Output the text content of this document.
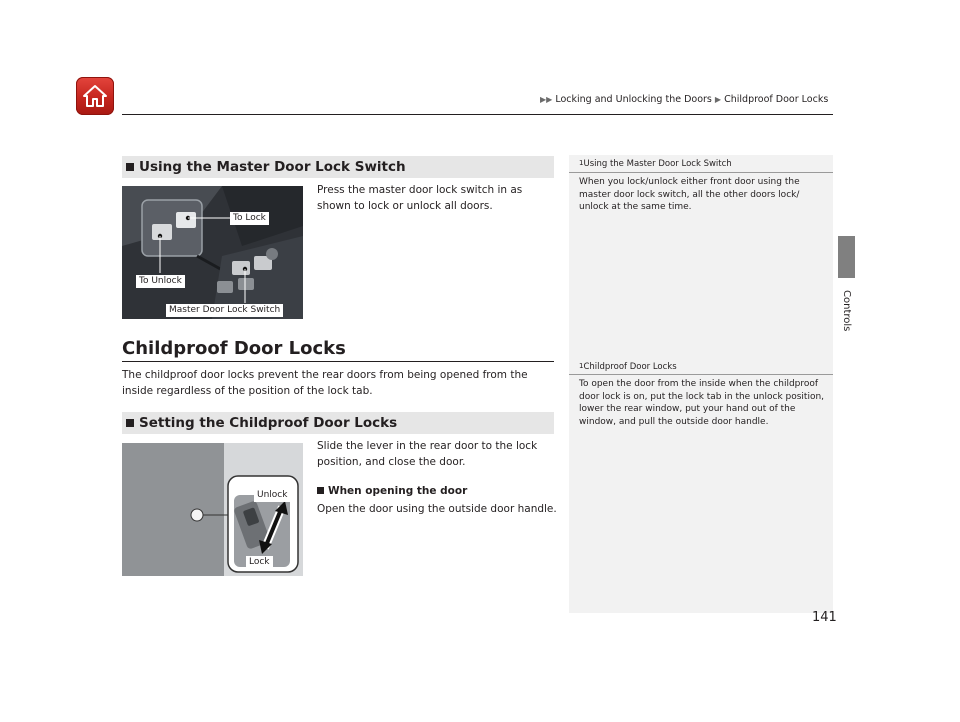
▶▶ Locking and Unlocking the Doors ▶ Childproof Door Locks
Controls
Using the Master Door Lock Switch
To Lock
To Unlock
Master Door Lock Switch
Press the master door lock switch in as shown to lock or unlock all doors.
Childproof Door Locks
The childproof door locks prevent the rear doors from being opened from the inside regardless of the position of the lock tab.
Setting the Childproof Door Locks
Unlock
Lock
Slide the lever in the rear door to the lock position, and close the door.
When opening the door
Open the door using the outside door handle.
$^1$Using the Master Door Lock Switch
When you lock/unlock either front door using the master door lock switch, all the other doors lock/ unlock at the same time.
$^1$Childproof Door Locks
To open the door from the inside when the childproof door lock is on, put the lock tab in the unlock position, lower the rear window, put your hand out of the window, and pull the outside door handle.
141
